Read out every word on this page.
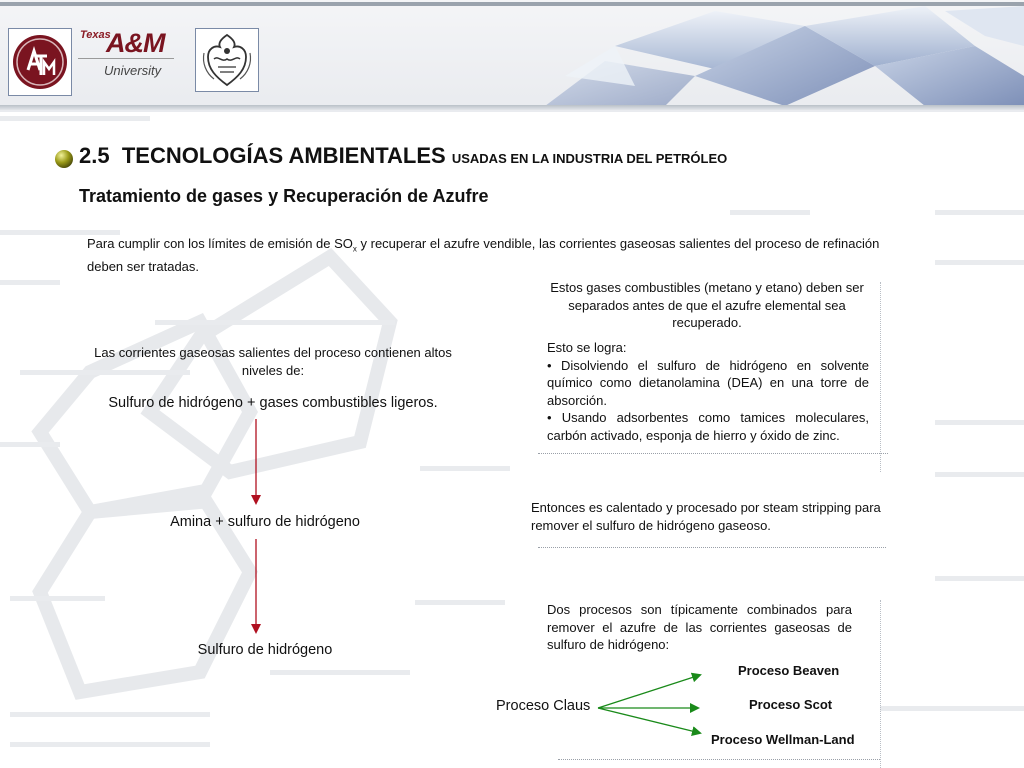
Texas
A&M
University
2.5 TECNOLOGÍAS AMBIENTALES USADAS EN LA INDUSTRIA DEL PETRÓLEO
Tratamiento de gases y Recuperación de Azufre
Para cumplir con los límites de emisión de $SO_x$ y recuperar el azufre vendible, las corrientes gaseosas salientes del proceso de refinación deben ser tratadas.
Estos gases combustibles (metano y etano) deben ser separados antes de que el azufre elemental sea recuperado.
Esto se logra:
• Disolviendo el sulfuro de hidrógeno en solvente químico como dietanolamina (DEA) en una torre de absorción.
• Usando adsorbentes como tamices moleculares, carbón activado, esponja de hierro y óxido de zinc.
Entonces es calentado y procesado por steam stripping para remover el sulfuro de hidrógeno gaseoso.
Dos procesos son típicamente combinados para remover el azufre de las corrientes gaseosas de sulfuro de hidrógeno:
Las corrientes gaseosas salientes del proceso contienen altos niveles de:
Sulfuro de hidrógeno + gases combustibles ligeros.
Amina + sulfuro de hidrógeno
Sulfuro de hidrógeno
Proceso Claus
Proceso Beaven
Proceso Scot
Proceso Wellman-Land
